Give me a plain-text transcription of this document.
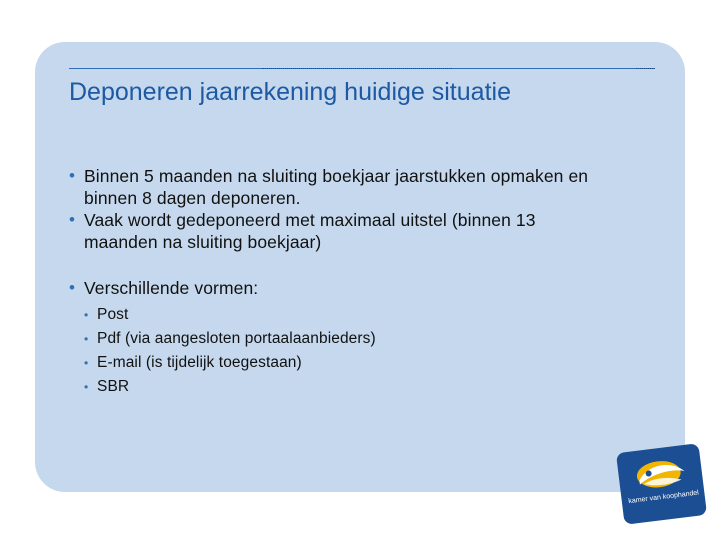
Deponeren jaarrekening huidige situatie
• Binnen 5 maanden na sluiting boekjaar jaarstukken opmaken en
binnen 8 dagen deponeren.
• Vaak wordt gedeponeerd met maximaal uitstel (binnen 13
maanden na sluiting boekjaar)
• Verschillende vormen:
• Post
• Pdf (via aangesloten portaalaanbieders)
• E-mail (is tijdelijk toegestaan)
• SBR
kamer van koophandel
